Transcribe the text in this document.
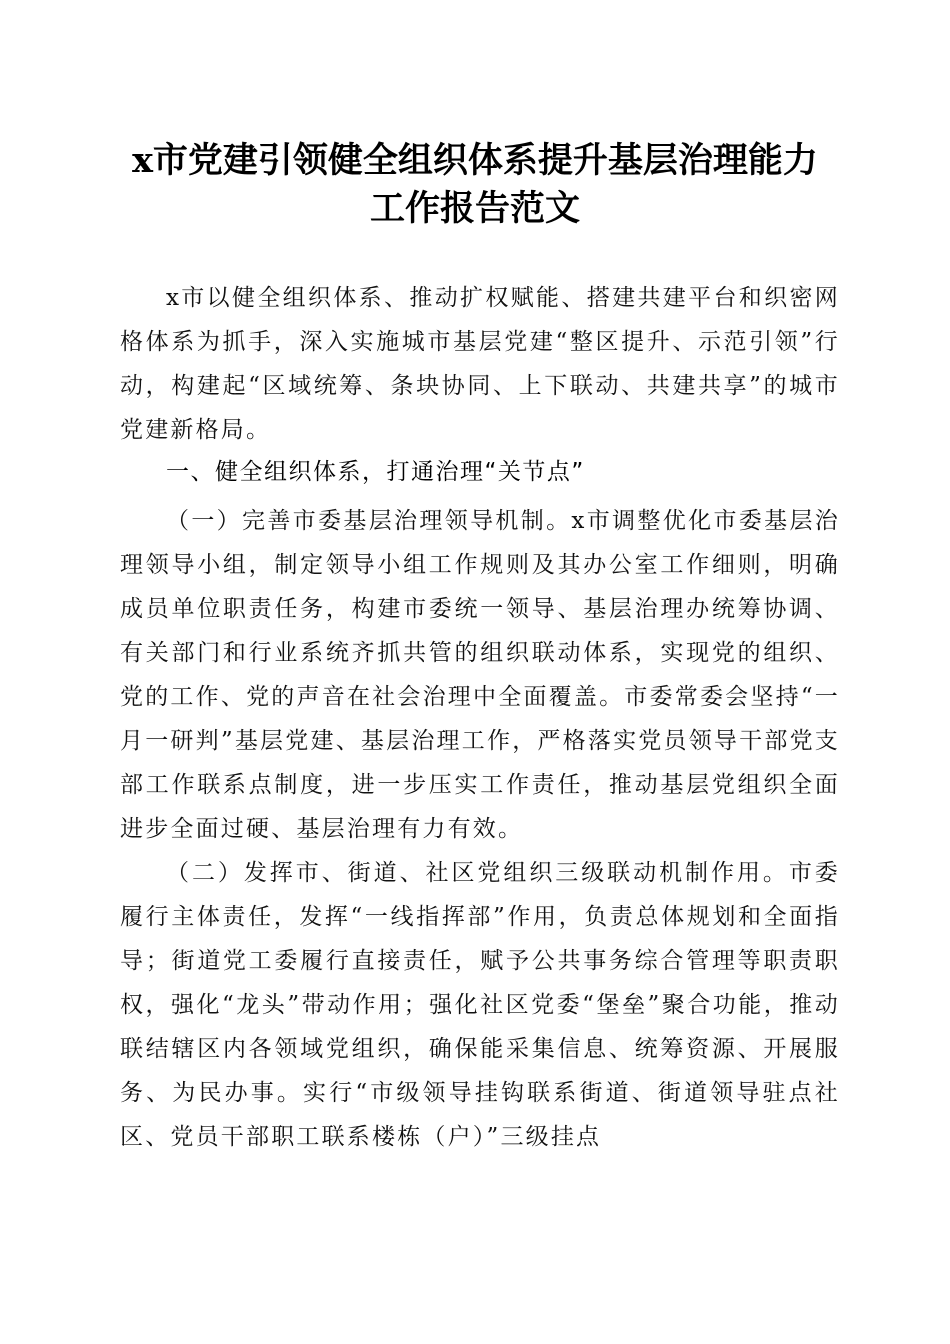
x市党建引领健全组织体系提升基层治理能力
工作报告范文

x市以健全组织体系、推动扩权赋能、搭建共建平台和织密网格体系为抓手，深入实施城市基层党建“整区提升、示范引领”行动，构建起“区域统筹、条块协同、上下联动、共建共享”的城市党建新格局。

一、健全组织体系，打通治理“关节点”

（一）完善市委基层治理领导机制。x市调整优化市委基层治理领导小组，制定领导小组工作规则及其办公室工作细则，明确成员单位职责任务，构建市委统一领导、基层治理办统筹协调、有关部门和行业系统齐抓共管的组织联动体系，实现党的组织、党的工作、党的声音在社会治理中全面覆盖。市委常委会坚持“一月一研判”基层党建、基层治理工作，严格落实党员领导干部党支部工作联系点制度，进一步压实工作责任，推动基层党组织全面进步全面过硬、基层治理有力有效。

（二）发挥市、街道、社区党组织三级联动机制作用。市委履行主体责任，发挥“一线指挥部”作用，负责总体规划和全面指导；街道党工委履行直接责任，赋予公共事务综合管理等职责职权，强化“龙头”带动作用；强化社区党委“堡垒”聚合功能，推动联结辖区内各领域党组织，确保能采集信息、统筹资源、开展服务、为民办事。实行“市级领导挂钩联系街道、街道领导驻点社区、党员干部职工联系楼栋（户）”三级挂点
